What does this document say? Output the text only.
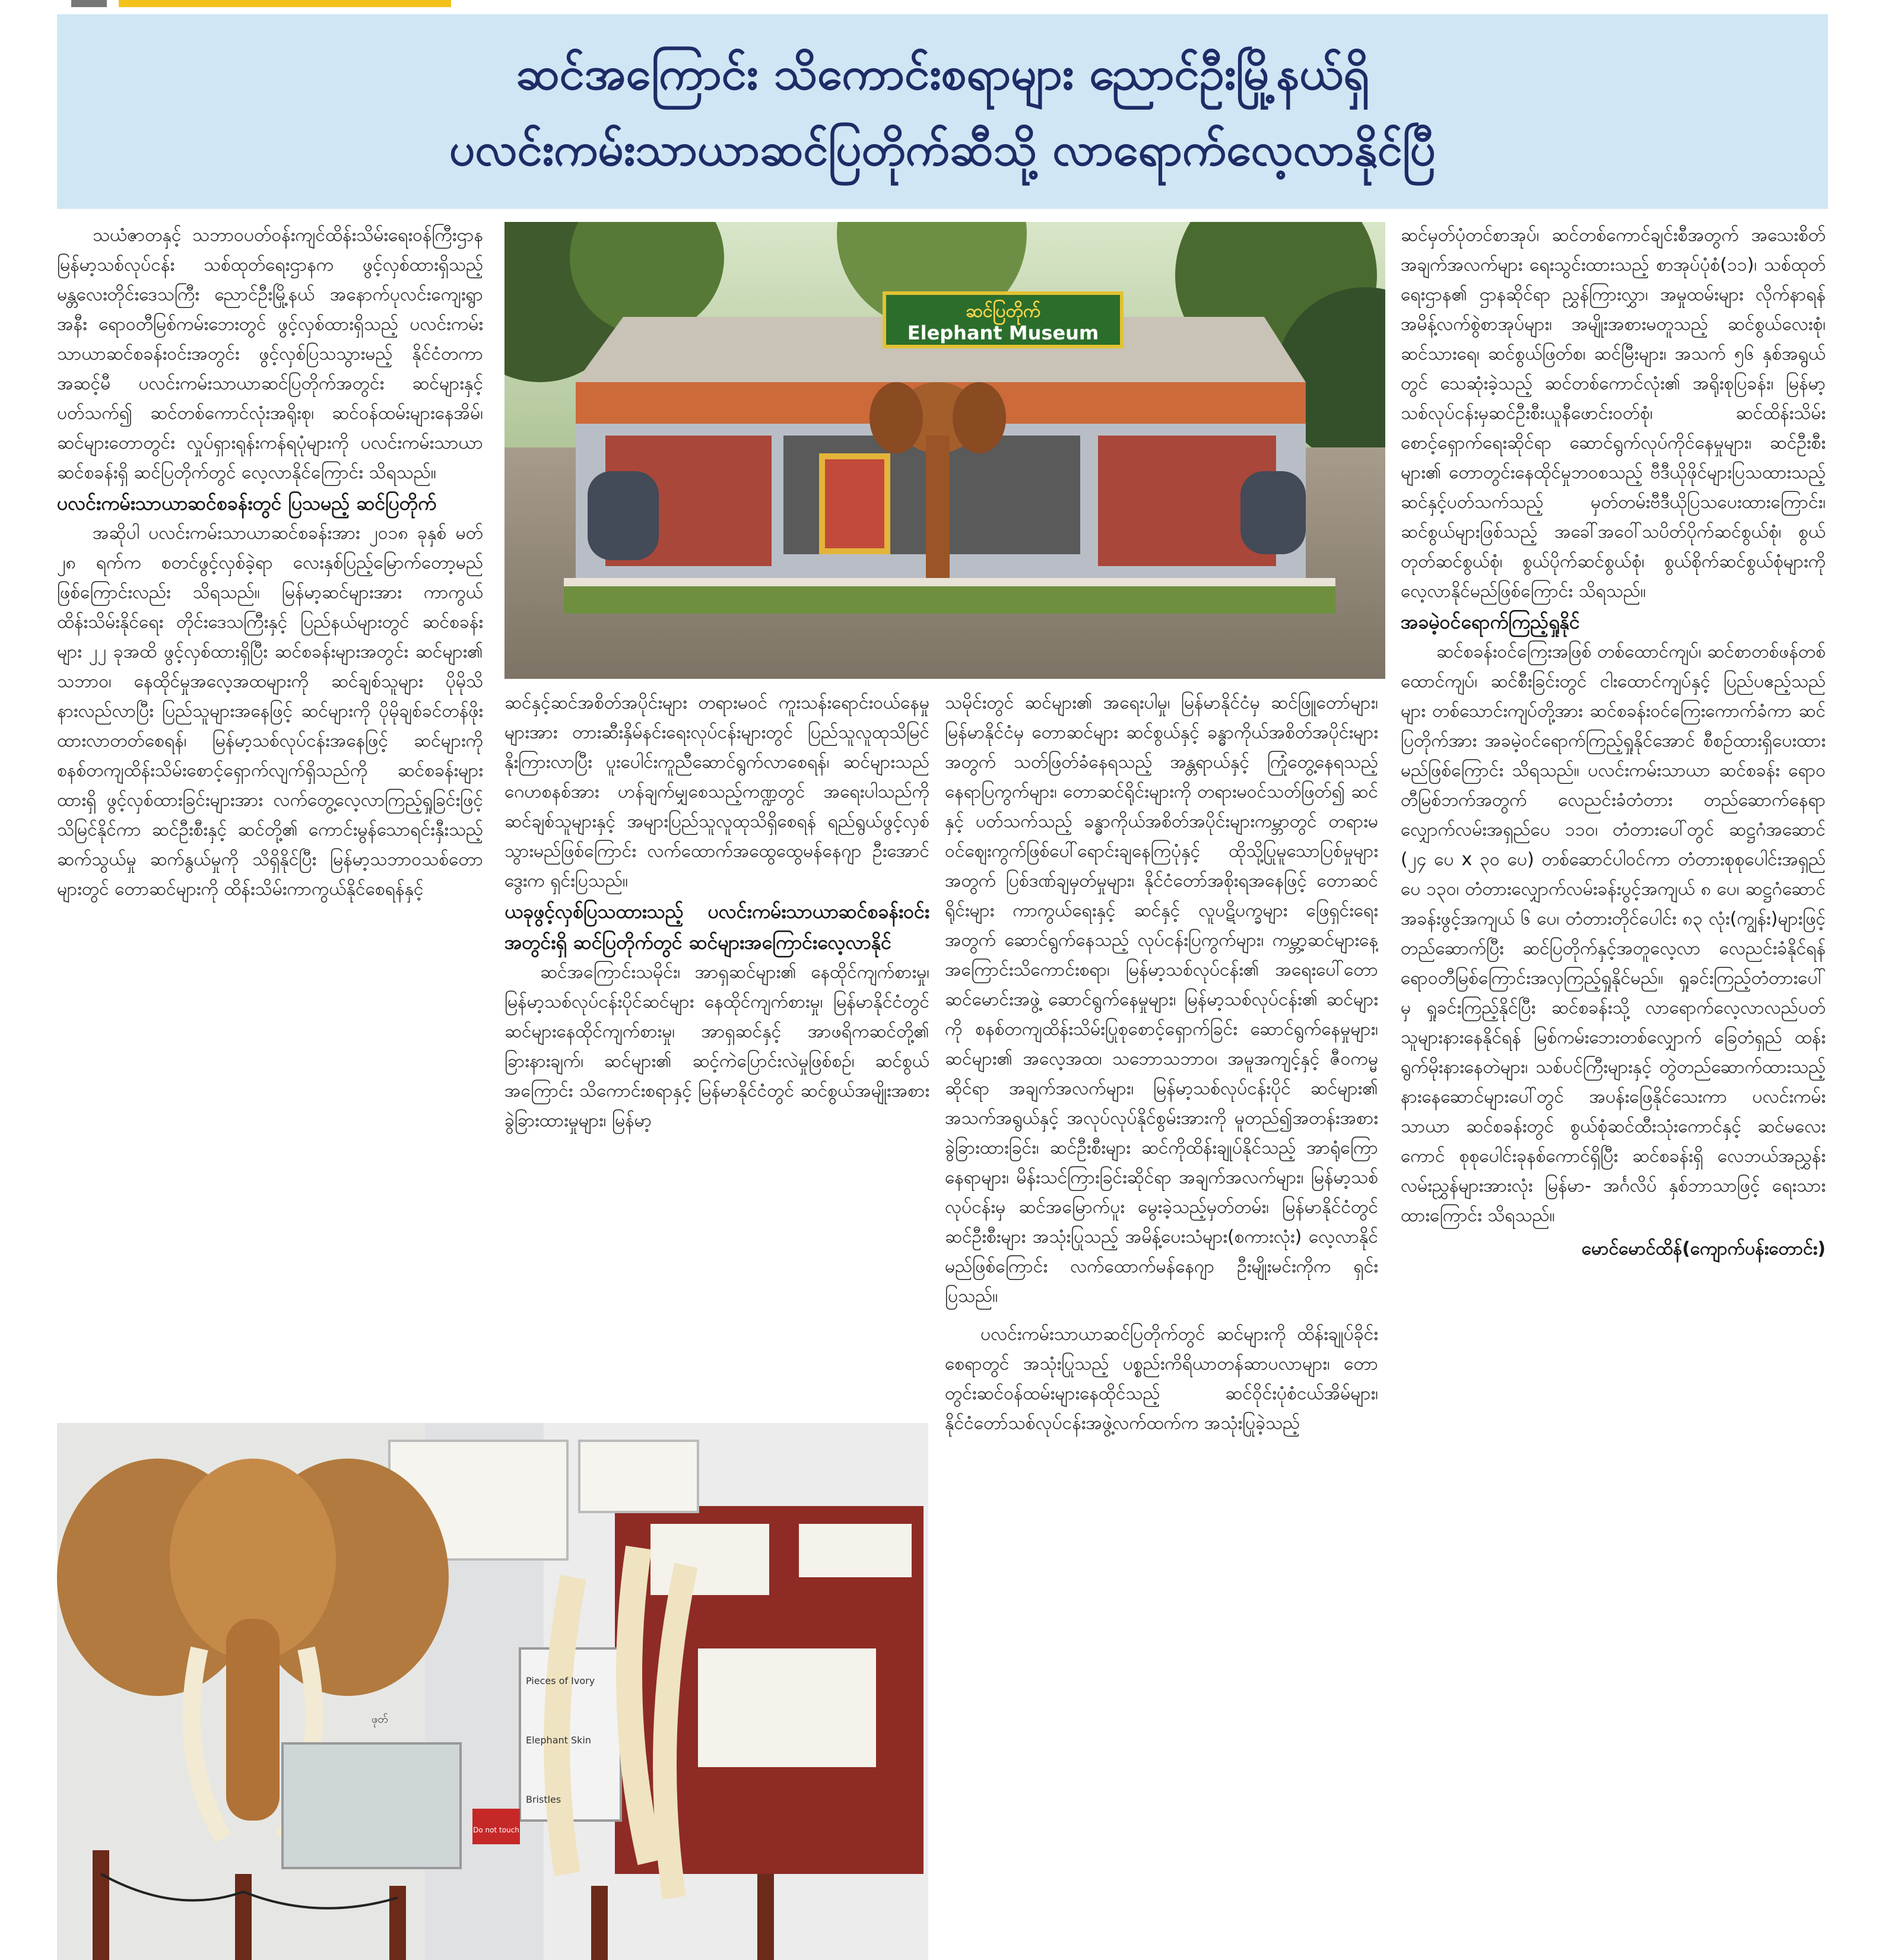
ဆင်အကြောင်း သိကောင်းစရာများ ညောင်ဦးမြို့နယ်ရှိ
ပလင်းကမ်းသာယာဆင်ပြတိုက်ဆီသို့ လာရောက်လေ့လာနိုင်ပြီ

သယံဇာတနှင့် သဘာဝပတ်ဝန်းကျင်ထိန်းသိမ်းရေးဝန်ကြီးဌာန မြန်မာ့သစ်လုပ်ငန်း သစ်ထုတ်ရေးဌာနက ဖွင့်လှစ်ထားရှိသည့် မန္တလေးတိုင်းဒေသကြီး ညောင်ဦးမြို့နယ် အနောက်ပုလင်းကျေးရွာအနီး ရောဝတီမြစ်ကမ်းဘေးတွင် ဖွင့်လှစ်ထားရှိသည့် ပလင်းကမ်းသာယာဆင်စခန်းဝင်းအတွင်း ဖွင့်လှစ်ပြသသွားမည့် နိုင်ငံတကာအဆင့်မီ ပလင်းကမ်းသာယာဆင်ပြတိုက်အတွင်း ဆင်များနှင့်ပတ်သက်၍ ဆင်တစ်ကောင်လုံးအရိုးစု၊ ဆင်ဝန်ထမ်းများနေအိမ်၊ ဆင်များတောတွင်း လှုပ်ရှားရုန်းကန်ရပုံများကို ပလင်းကမ်းသာယာဆင်စခန်းရှိ ဆင်ပြတိုက်တွင် လေ့လာနိုင်ကြောင်း သိရသည်။

ပလင်းကမ်းသာယာဆင်စခန်းတွင် ပြသမည့် ဆင်ပြတိုက်

အဆိုပါ ပလင်းကမ်းသာယာဆင်စခန်းအား ၂၀၁၈ ခုနှစ် မတ် ၂၈ ရက်က စတင်ဖွင့်လှစ်ခဲ့ရာ လေးနှစ်ပြည့်မြောက်တော့မည်ဖြစ်ကြောင်းလည်း သိရသည်။ မြန်မာ့ဆင်များအား ကာကွယ်ထိန်းသိမ်းနိုင်ရေး တိုင်းဒေသကြီးနှင့် ပြည်နယ်များတွင် ဆင်စခန်းများ ၂၂ ခုအထိ ဖွင့်လှစ်ထားရှိပြီး ဆင်စခန်းများအတွင်း ဆင်များ၏ သဘာဝ၊ နေထိုင်မှုအလေ့အထများကို ဆင်ချစ်သူများ ပိုမိုသိနားလည်လာပြီး ပြည်သူများအနေဖြင့် ဆင်များကို ပိုမိုချစ်ခင်တန်ဖိုးထားလာတတ်စေရန်၊ မြန်မာ့သစ်လုပ်ငန်းအနေဖြင့် ဆင်များကို စနစ်တကျထိန်းသိမ်းစောင့်ရှောက်လျက်ရှိသည်ကို ဆင်စခန်းများထားရှိ ဖွင့်လှစ်ထားခြင်းများအား လက်တွေ့လေ့လာကြည့်ရှုခြင်းဖြင့် သိမြင်နိုင်ကာ ဆင်ဦးစီးနှင့် ဆင်တို့၏ ကောင်းမွန်သောရင်းနှီးသည့်ဆက်သွယ်မှု ဆက်နွယ်မှုကို သိရှိနိုင်ပြီး မြန်မာ့သဘာဝသစ်တောများတွင် တောဆင်များကို ထိန်းသိမ်းကာကွယ်နိုင်စေရန်နှင့်

ဆင်ပြတိုက်
Elephant Museum

ဆင်နှင့်ဆင်အစိတ်အပိုင်းများ တရားမဝင် ကူးသန်းရောင်းဝယ်နေမှုများအား တားဆီးနှိမ်နင်းရေးလုပ်ငန်းများတွင် ပြည်သူလူထုသိမြင်နိုးကြားလာပြီး ပူးပေါင်းကူညီဆောင်ရွက်လာစေရန်၊ ဆင်များသည် ဂေဟစနစ်အား ဟန်ချက်မျှစေသည့်ကဏ္ဍတွင် အရေးပါသည်ကို ဆင်ချစ်သူများနှင့် အများပြည်သူလူထုသိရှိစေရန် ရည်ရွယ်ဖွင့်လှစ်သွားမည်ဖြစ်ကြောင်း လက်ထောက်အထွေထွေမန်နေဂျာ ဦးအောင်ဒွေးက ရှင်းပြသည်။

ယခုဖွင့်လှစ်ပြသထားသည့် ပလင်းကမ်းသာယာဆင်စခန်းဝင်းအတွင်းရှိ ဆင်ပြတိုက်တွင် ဆင်များအကြောင်းလေ့လာနိုင်

ဆင်အကြောင်းသမိုင်း၊ အာရှဆင်များ၏ နေထိုင်ကျက်စားမှု၊ မြန်မာ့သစ်လုပ်ငန်းပိုင်ဆင်များ နေထိုင်ကျက်စားမှု၊ မြန်မာနိုင်ငံတွင် ဆင်များနေထိုင်ကျက်စားမှု၊ အာရှဆင်နှင့် အာဖရိကဆင်တို့၏ ခြားနားချက်၊ ဆင်များ၏ ဆင့်ကဲပြောင်းလဲမှုဖြစ်စဉ်၊ ဆင်စွယ်အကြောင်း သိကောင်းစရာနှင့် မြန်မာနိုင်ငံတွင် ဆင်စွယ်အမျိုးအစား ခွဲခြားထားမှုများ၊ မြန်မာ့

သမိုင်းတွင် ဆင်များ၏ အရေးပါမှု၊ မြန်မာနိုင်ငံမှ ဆင်ဖြူတော်များ၊ မြန်မာနိုင်ငံမှ တောဆင်များ ဆင်စွယ်နှင့် ခန္ဓာကိုယ်အစိတ်အပိုင်းများအတွက် သတ်ဖြတ်ခံနေရသည့် အန္တရာယ်နှင့် ကြုံတွေ့နေရသည့် နေရာပြကွက်များ၊ တောဆင်ရိုင်းများကို တရားမဝင်သတ်ဖြတ်၍ ဆင်နှင့် ပတ်သက်သည့် ခန္ဓာကိုယ်အစိတ်အပိုင်းများကမ္ဘာတွင် တရားမဝင်ဈေးကွက်ဖြစ်ပေါ်ရောင်းချနေကြပုံနှင့် ထိုသို့ပြုမူသောပြစ်မှုများအတွက် ပြစ်ဒဏ်ချမှတ်မှုများ၊ နိုင်ငံတော်အစိုးရအနေဖြင့် တောဆင်ရိုင်းများ ကာကွယ်ရေးနှင့် ဆင်နှင့် လူပဋိပက္ခများ ဖြေရှင်းရေးအတွက် ဆောင်ရွက်နေသည့် လုပ်ငန်းပြကွက်များ၊ ကမ္ဘာ့ဆင်များနေ့အကြောင်းသိကောင်းစရာ၊ မြန်မာ့သစ်လုပ်ငန်း၏ အရေးပေါ်တောဆင်မောင်းအဖွဲ့ ဆောင်ရွက်နေမှုများ၊ မြန်မာ့သစ်လုပ်ငန်း၏ ဆင်များကို စနစ်တကျထိန်းသိမ်းပြုစုစောင့်ရှောက်ခြင်း ဆောင်ရွက်နေမှုများ၊ ဆင်များ၏ အလေ့အထ၊ သဘောသဘာဝ၊ အမူအကျင့်နှင့် ဇီဝကမ္မဆိုင်ရာ အချက်အလက်များ၊ မြန်မာ့သစ်လုပ်ငန်းပိုင် ဆင်များ၏ အသက်အရွယ်နှင့် အလုပ်လုပ်နိုင်စွမ်းအားကို မူတည်၍အတန်းအစားခွဲခြားထားခြင်း၊ ဆင်ဦးစီးများ ဆင်ကိုထိန်းချုပ်နိုင်သည့် အာရုံကြောနေရာများ၊ မိန်းသင်ကြားခြင်းဆိုင်ရာ အချက်အလက်များ၊ မြန်မာ့သစ်လုပ်ငန်းမှ ဆင်အမြောက်ပူး မွေးခဲ့သည့်မှတ်တမ်း၊ မြန်မာနိုင်ငံတွင် ဆင်ဦးစီးများ အသုံးပြုသည့် အမိန့်ပေးသံများ(စကားလုံး) လေ့လာနိုင်မည်ဖြစ်ကြောင်း လက်ထောက်မန်နေဂျာ ဦးမျိုးမင်းကိုက ရှင်းပြသည်။

ပလင်းကမ်းသာယာဆင်ပြတိုက်တွင် ဆင်များကို ထိန်းချုပ်ခိုင်းစေရာတွင် အသုံးပြုသည့် ပစ္စည်းကိရိယာတန်ဆာပလာများ၊ တောတွင်းဆင်ဝန်ထမ်းများနေထိုင်သည့် ဆင်ဝိုင်းပုံစံငယ်အိမ်များ၊ နိုင်ငံတော်သစ်လုပ်ငန်းအဖွဲ့လက်ထက်က အသုံးပြုခဲ့သည့်

ဆင်မှတ်ပုံတင်စာအုပ်၊ ဆင်တစ်ကောင်ချင်းစီအတွက် အသေးစိတ်အချက်အလက်များ ရေးသွင်းထားသည့် စာအုပ်ပုံစံ(၁၁)၊ သစ်ထုတ်ရေးဌာန၏ ဌာနဆိုင်ရာ ညွှန်ကြားလွှာ၊ အမှုထမ်းများ လိုက်နာရန် အမိန့်လက်စွဲစာအုပ်များ၊ အမျိုးအစားမတူသည့် ဆင်စွယ်လေးစုံ၊ ဆင်သားရေ၊ ဆင်စွယ်ဖြတ်စ၊ ဆင်မြီးများ၊ အသက် ၅၆ နှစ်အရွယ်တွင် သေဆုံးခဲ့သည့် ဆင်တစ်ကောင်လုံး၏ အရိုးစုပြခန်း၊ မြန်မာ့သစ်လုပ်ငန်းမှဆင်ဦးစီးယူနီဖောင်းဝတ်စုံ၊ ဆင်ထိန်းသိမ်းစောင့်ရှောက်ရေးဆိုင်ရာ ဆောင်ရွက်လုပ်ကိုင်နေမှုများ၊ ဆင်ဦးစီးများ၏ တောတွင်းနေထိုင်မှုဘဝစသည့် ဗီဒီယိုဖိုင်များပြသထားသည့် ဆင်နှင့်ပတ်သက်သည့် မှတ်တမ်းဗီဒီယိုပြသပေးထားကြောင်း၊ ဆင်စွယ်များဖြစ်သည့် အခေါ်အဝေါ်သပိတ်ပိုက်ဆင်စွယ်စုံ၊ စွယ်တုတ်ဆင်စွယ်စုံ၊ စွယ်ပိုက်ဆင်စွယ်စုံ၊ စွယ်စိုက်ဆင်စွယ်စုံများကို လေ့လာနိုင်မည်ဖြစ်ကြောင်း သိရသည်။

အခမဲ့ဝင်ရောက်ကြည့်ရှုနိုင်

ဆင်စခန်းဝင်ကြေးအဖြစ် တစ်ထောင်ကျပ်၊ ဆင်စာတစ်ဖန်တစ်ထောင်ကျပ်၊ ဆင်စီးခြင်းတွင် ငါးထောင်ကျပ်နှင့် ပြည်ပဧည့်သည်များ တစ်သောင်းကျပ်တို့အား ဆင်စခန်းဝင်ကြေးကောက်ခံကာ ဆင်ပြတိုက်အား အခမဲ့ဝင်ရောက်ကြည့်ရှုနိုင်အောင် စီစဉ်ထားရှိပေးထားမည်ဖြစ်ကြောင်း သိရသည်။ ပလင်းကမ်းသာယာ ဆင်စခန်း ရောဝတီမြစ်ဘက်အတွက် လေညင်းခံတံတား တည်ဆောက်နေရာ လျှောက်လမ်းအရှည်ပေ ၁၁၀၊ တံတားပေါ်တွင် ဆဋ္ဌဂံအဆောင် (၂၄ ပေ x ၃၀ ပေ) တစ်ဆောင်ပါဝင်ကာ တံတားစုစုပေါင်းအရှည်ပေ ၁၃၀၊ တံတားလျှောက်လမ်းခန်းပွင့်အကျယ် ၈ ပေ၊ ဆဋ္ဌဂံဆောင်အခန်းဖွင့်အကျယ် ၆ ပေ၊ တံတားတိုင်ပေါင်း ၈၃ လုံး(ကျွန်း)များဖြင့် တည်ဆောက်ပြီး ဆင်ပြတိုက်နှင့်အတူလေ့လာ လေညင်းခံနိုင်ရန် ရောဝတီမြစ်ကြောင်းအလှကြည့်ရှုနိုင်မည်။ ရှုခင်းကြည့်တံတားပေါ်မှ ရှုခင်းကြည့်နိုင်ပြီး ဆင်စခန်းသို့ လာရောက်လေ့လာလည်ပတ်သူများနားနေနိုင်ရန် မြစ်ကမ်းဘေးတစ်လျှောက် ခြေတံရှည် ထန်းရွက်မိုးနားနေတဲများ၊ သစ်ပင်ကြီးများနှင့် တွဲတည်ဆောက်ထားသည့် နားနေဆောင်များပေါ်တွင် အပန်းဖြေနိုင်သေးကာ ပလင်းကမ်းသာယာ ဆင်စခန်းတွင် စွယ်စုံဆင်ထီးသုံးကောင်နှင့် ဆင်မလေးကောင် စုစုပေါင်းခုနစ်ကောင်ရှိပြီး ဆင်စခန်းရှိ လေဘယ်အညွှန်းလမ်းညွှန်များအားလုံး မြန်မာ- အင်္ဂလိပ် နှစ်ဘာသာဖြင့် ရေးသားထားကြောင်း သိရသည်။

မောင်မောင်ထိန်(ကျောက်ပန်းတောင်း)
ဖုတ်
Pieces of Ivory
Elephant Skin
Bristles
Do not touch
